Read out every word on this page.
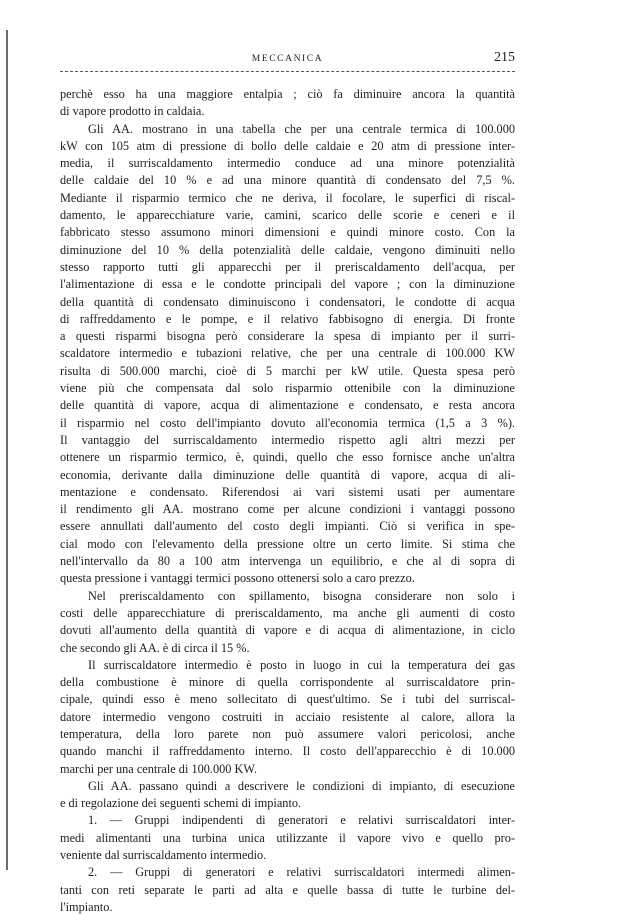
MECCANICA	215
perchè esso ha una maggiore entalpia ; ciò fa diminuire ancora la quantità
di vapore prodotto in caldaia.
Gli AA. mostrano in una tabella che per una centrale termica di 100.000
kW con 105 atm di pressione di bollo delle caldaie e 20 atm di pressione inter-
media, il surriscaldamento intermedio conduce ad una minore potenzialità
delle caldaie del 10 % e ad una minore quantità di condensato del 7,5 %.
Mediante il risparmio termico che ne deriva, il focolare, le superfici di riscal-
damento, le apparecchiature varie, camini, scarico delle scorie e ceneri e il
fabbricato stesso assumono minori dimensioni e quindi minore costo. Con la
diminuzione del 10 % della potenzialità delle caldaie, vengono diminuiti nello
stesso rapporto tutti gli apparecchi per il preriscaldamento dell'acqua, per
l'alimentazione di essa e le condotte principali del vapore ; con la diminuzione
della quantità di condensato diminuiscono i condensatori, le condotte di acqua
di raffreddamento e le pompe, e il relativo fabbisogno di energia. Di fronte
a questi risparmi bisogna però considerare la spesa di impianto per il surri-
scaldatore intermedio e tubazioni relative, che per una centrale di 100.000 KW
risulta di 500.000 marchi, cioè di 5 marchi per kW utile. Questa spesa però
viene più che compensata dal solo risparmio ottenibile con la diminuzione
delle quantità di vapore, acqua di alimentazione e condensato, e resta ancora
il risparmio nel costo dell'impianto dovuto all'economia termica (1,5 a 3 %).
Il vantaggio del surriscaldamento intermedio rispetto agli altri mezzi per
ottenere un risparmio termico, è, quindi, quello che esso fornisce anche un'altra
economia, derivante dalla diminuzione delle quantità di vapore, acqua di ali-
mentazione e condensato. Riferendosi ai vari sistemi usati per aumentare
il rendimento gli AA. mostrano come per alcune condizioni i vantaggi possono
essere annullati dall'aumento del costo degli impianti. Ciò si verifica in spe-
cial modo con l'elevamento della pressione oltre un certo limite. Si stima che
nell'intervallo da 80 a 100 atm intervenga un equilibrio, e che al di sopra di
questa pressione i vantaggi termici possono ottenersi solo a caro prezzo.
Nel preriscaldamento con spillamento, bisogna considerare non solo i
costi delle apparecchiature di preriscaldamento, ma anche gli aumenti di costo
dovuti all'aumento della quantità di vapore e di acqua di alimentazione, in ciclo
che secondo gli AA. è di circa il 15 %.
Il surriscaldatore intermedio è posto in luogo in cui la temperatura dei gas
della combustione è minore di quella corrispondente al surriscaldatore prin-
cipale, quindi esso è meno sollecitato di quest'ultimo. Se i tubi del surriscal-
datore intermedio vengono costruiti in acciaio resistente al calore, allora la
temperatura, della loro parete non può assumere valori pericolosi, anche
quando manchi il raffreddamento interno. Il costo dell'apparecchio è di 10.000
marchi per una centrale di 100.000 KW.
Gli AA. passano quindi a descrivere le condizioni di impianto, di esecuzione
e di regolazione dei seguenti schemi di impianto.
1. — Gruppi indipendenti di generatori e relativi surriscaldatori inter-
medi alimentanti una turbina unica utilizzante il vapore vivo e quello pro-
veniente dal surriscaldamento intermedio.
2. — Gruppi di generatori e relativi surriscaldatori intermedi alimen-
tanti con reti separate le parti ad alta e quelle bassa di tutte le turbine del-
l'impianto.
